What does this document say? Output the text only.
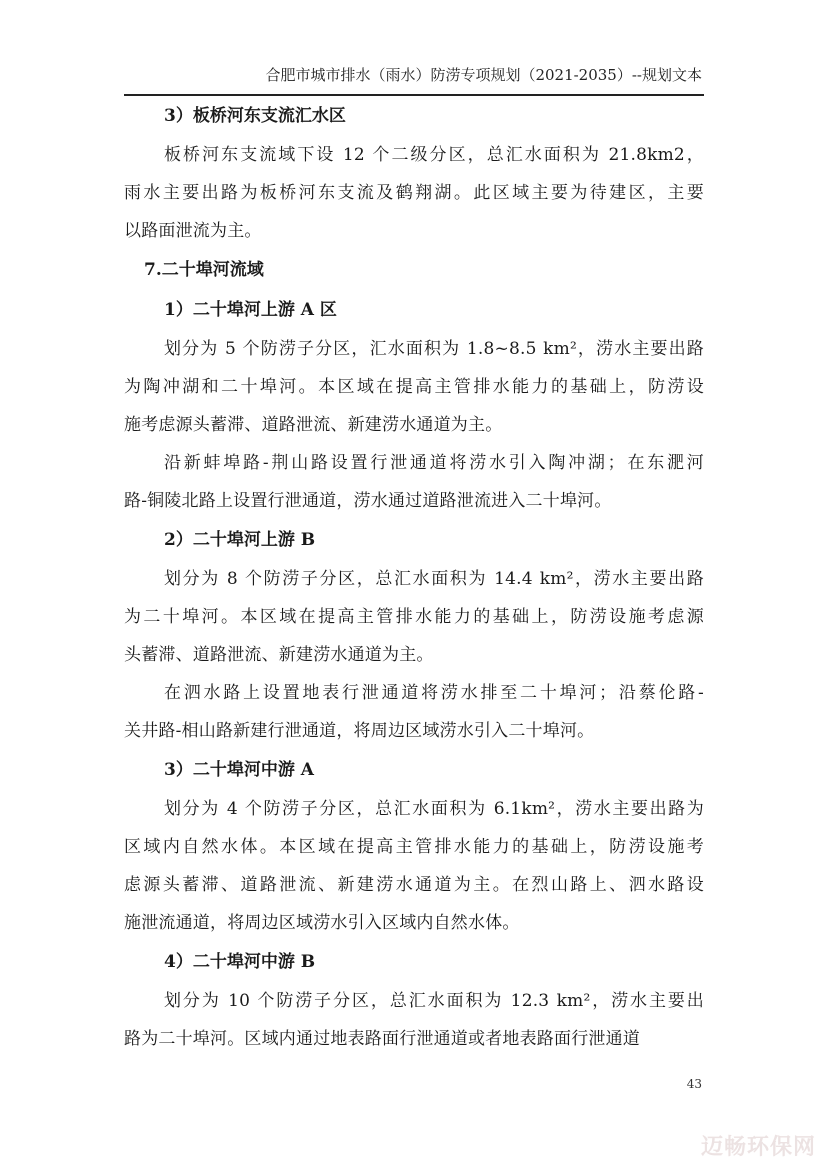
合肥市城市排水（雨水）防涝专项规划（2021-2035）--规划文本
3）板桥河东支流汇水区
板桥河东支流域下设 12 个二级分区，总汇水面积为 21.8km2，
雨水主要出路为板桥河东支流及鹤翔湖。此区域主要为待建区，主要
以路面泄流为主。
7.二十埠河流域
1）二十埠河上游 A 区
划分为 5 个防涝子分区，汇水面积为 1.8~8.5 km²，涝水主要出路
为陶冲湖和二十埠河。本区域在提高主管排水能力的基础上，防涝设
施考虑源头蓄滞、道路泄流、新建涝水通道为主。
沿新蚌埠路-荆山路设置行泄通道将涝水引入陶冲湖；在东淝河
路-铜陵北路上设置行泄通道，涝水通过道路泄流进入二十埠河。
2）二十埠河上游 B
划分为 8 个防涝子分区，总汇水面积为 14.4 km²，涝水主要出路
为二十埠河。本区域在提高主管排水能力的基础上，防涝设施考虑源
头蓄滞、道路泄流、新建涝水通道为主。
在泗水路上设置地表行泄通道将涝水排至二十埠河；沿蔡伦路-
关井路-相山路新建行泄通道，将周边区域涝水引入二十埠河。
3）二十埠河中游 A
划分为 4 个防涝子分区，总汇水面积为 6.1km²，涝水主要出路为
区域内自然水体。本区域在提高主管排水能力的基础上，防涝设施考
虑源头蓄滞、道路泄流、新建涝水通道为主。在烈山路上、泗水路设
施泄流通道，将周边区域涝水引入区域内自然水体。
4）二十埠河中游 B
划分为 10 个防涝子分区，总汇水面积为 12.3 km²，涝水主要出
路为二十埠河。区域内通过地表路面行泄通道或者地表路面行泄通道
43
迈畅环保网
